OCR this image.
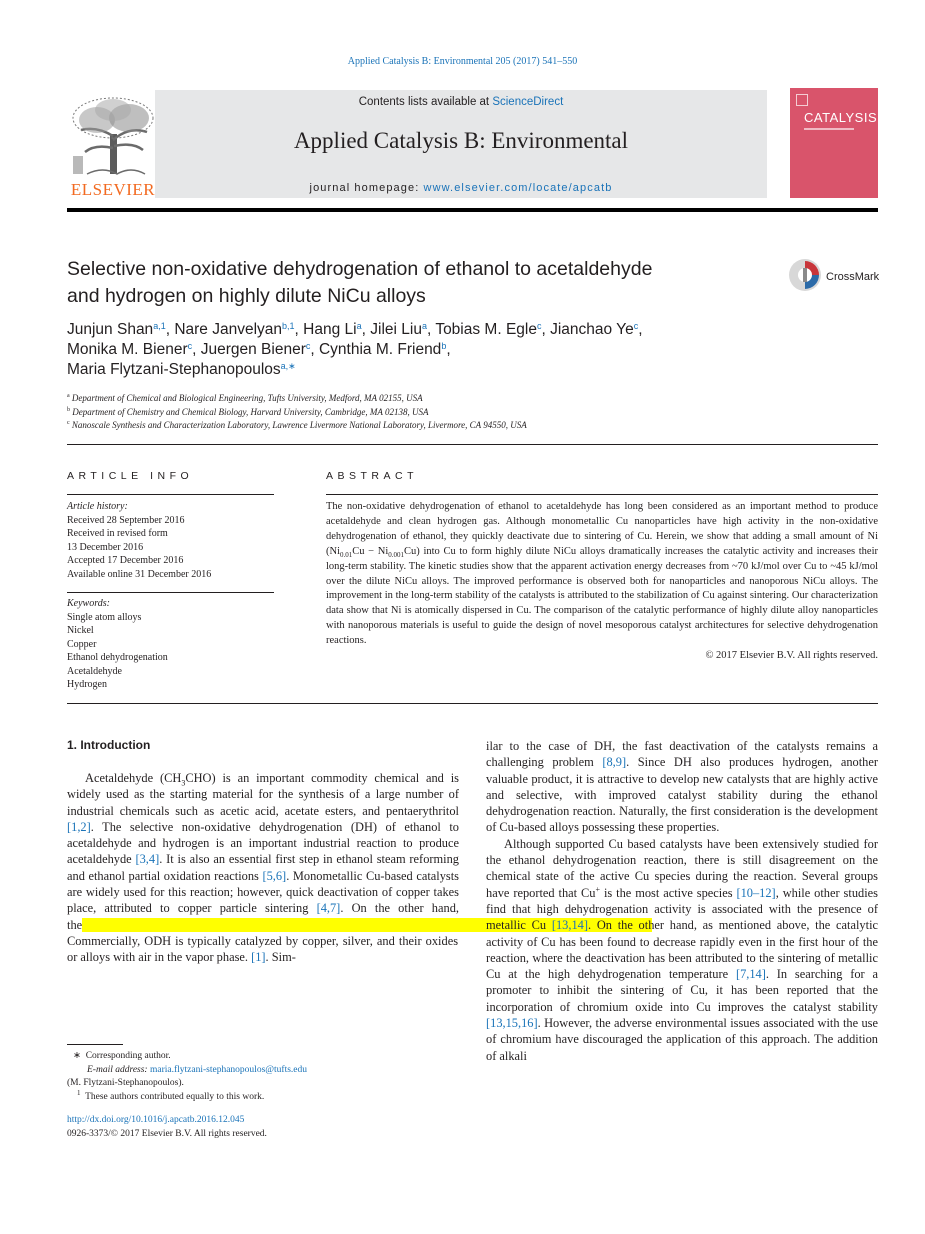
Applied Catalysis B: Environmental 205 (2017) 541–550
ELSEVIER
Contents lists available at ScienceDirect
Applied Catalysis B: Environmental
journal homepage: www.elsevier.com/locate/apcatb
CATALYSIS
Selective non-oxidative dehydrogenation of ethanol to acetaldehyde
and hydrogen on highly dilute NiCu alloys
CrossMark
Junjun Shan$^{a,1}$, Nare Janvelyan$^{b,1}$, Hang Li$^a$, Jilei Liu$^a$, Tobias M. Egle$^c$, Jianchao Ye$^c$,
Monika M. Biener$^c$, Juergen Biener$^c$, Cynthia M. Friend$^b$,
Maria Flytzani-Stephanopoulos$^{a,∗}$
$^a$ Department of Chemical and Biological Engineering, Tufts University, Medford, MA 02155, USA
$^b$ Department of Chemistry and Chemical Biology, Harvard University, Cambridge, MA 02138, USA
$^c$ Nanoscale Synthesis and Characterization Laboratory, Lawrence Livermore National Laboratory, Livermore, CA 94550, USA
ARTICLE INFO
Article history:
Received 28 September 2016
Received in revised form
13 December 2016
Accepted 17 December 2016
Available online 31 December 2016
Keywords:
Single atom alloys
Nickel
Copper
Ethanol dehydrogenation
Acetaldehyde
Hydrogen
ABSTRACT
The non-oxidative dehydrogenation of ethanol to acetaldehyde has long been considered as an important method to produce acetaldehyde and clean hydrogen gas. Although monometallic Cu nanoparticles have high activity in the non-oxidative dehydrogenation of ethanol, they quickly deactivate due to sintering of Cu. Herein, we show that adding a small amount of Ni $(Ni_{0.01}Cu - Ni_{0.001}Cu)$ into Cu to form highly dilute NiCu alloys dramatically increases the catalytic activity and increases their long-term stability. The kinetic studies show that the apparent activation energy decreases from ~70 kJ/mol over Cu to ~45 kJ/mol over the dilute NiCu alloys. The improved performance is observed both for nanoparticles and nanoporous NiCu alloys. The improvement in the long-term stability of the catalysts is attributed to the stabilization of Cu against sintering. Our characterization data show that Ni is atomically dispersed in Cu. The comparison of the catalytic performance of highly dilute alloy nanoparticles with nanoporous materials is useful to guide the design of novel mesoporous catalyst architectures for selective dehydrogenation reactions.
© 2017 Elsevier B.V. All rights reserved.
1. Introduction

Acetaldehyde $(CH_3CHO)$ is an important commodity chemical and is widely used as the starting material for the synthesis of a large number of industrial chemicals such as acetic acid, acetate esters, and pentaerythritol [1,2]. The selective non-oxidative dehydrogenation (DH) of ethanol to acetaldehyde and hydrogen is an important industrial reaction to produce acetaldehyde [3,4]. It is also an essential first step in ethanol steam reforming and ethanol partial oxidation reactions [5,6]. Monometallic Cu-based catalysts are widely used for this reaction; however, quick deactivation of copper takes place, attributed to copper particle sintering [4,7]. On the other hand, the                                               Commercially, ODH is typically catalyzed by copper, silver, and their oxides or alloys with air in the vapor phase. [1]. Sim-

ilar to the case of DH, the fast deactivation of the catalysts remains a challenging problem [8,9]. Since DH also produces hydrogen, another valuable product, it is attractive to develop new catalysts that are highly active and selective, with improved catalyst stability during the ethanol dehydrogenation reaction. Naturally, the first consideration is the development of Cu-based alloys possessing these properties.

Although supported Cu based catalysts have been extensively studied for the ethanol dehydrogenation reaction, there is still disagreement on the chemical state of the active Cu species during the reaction. Several groups have reported that Cu+ is the most active species [10–12], while other studies find that high dehydrogenation activity is associated with the presence of metallic Cu [13,14]. On the other hand, as mentioned above, the catalytic activity of Cu has been found to decrease rapidly even in the first hour of the reaction, where the deactivation has been attributed to the sintering of metallic Cu at the high dehydrogenation temperature [7,14]. In searching for a promoter to inhibit the sintering of Cu, it has been reported that the incorporation of chromium oxide into Cu improves the catalyst stability [13,15,16]. However, the adverse environmental issues associated with the use of chromium have discouraged the application of this approach. The addition of alkali

∗ Corresponding author.
E-mail address: maria.flytzani-stephanopoulos@tufts.edu
(M. Flytzani-Stephanopoulos).
$^1$ These authors contributed equally to this work.
http://dx.doi.org/10.1016/j.apcatb.2016.12.045
0926-3373/© 2017 Elsevier B.V. All rights reserved.
